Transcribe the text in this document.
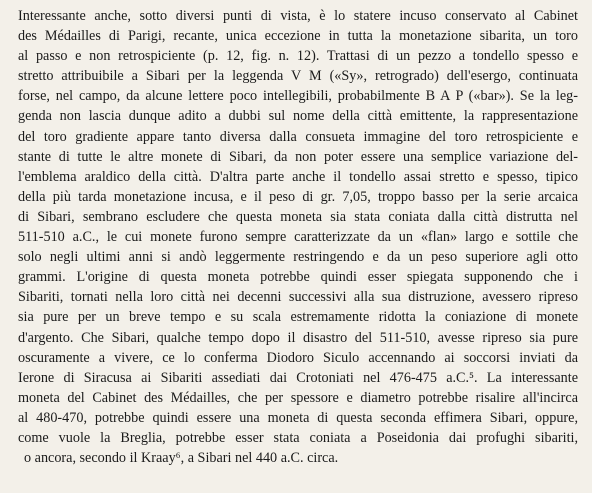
Interessante anche, sotto diversi punti di vista, è lo statere incuso conservato al Cabinet
des Médailles di Parigi, recante, unica eccezione in tutta la monetazione sibarita, un toro
al passo e non retrospiciente (p. 12, fig. n. 12). Trattasi di un pezzo a tondello spesso e
stretto attribuibile a Sibari per la leggenda V M («Sy», retrogrado) dell'esergo, continuata
forse, nel campo, da alcune lettere poco intellegibili, probabilmente B A P («bar»). Se la leg-
genda non lascia dunque adito a dubbi sul nome della città emittente, la rappresentazione
del toro gradiente appare tanto diversa dalla consueta immagine del toro retrospiciente e
stante di tutte le altre monete di Sibari, da non poter essere una semplice variazione del-
l'emblema araldico della città. D'altra parte anche il tondello assai stretto e spesso, tipico
della più tarda monetazione incusa, e il peso di gr. 7,05, troppo basso per la serie arcaica
di Sibari, sembrano escludere che questa moneta sia stata coniata dalla città distrutta nel
511-510 a.C., le cui monete furono sempre caratterizzate da un «flan» largo e sottile che
solo negli ultimi anni si andò leggermente restringendo e da un peso superiore agli otto
grammi. L'origine di questa moneta potrebbe quindi esser spiegata supponendo che i
Sibariti, tornati nella loro città nei decenni successivi alla sua distruzione, avessero ripreso
sia pure per un breve tempo e su scala estremamente ridotta la coniazione di monete
d'argento. Che Sibari, qualche tempo dopo il disastro del 511-510, avesse ripreso sia pure
oscuramente a vivere, ce lo conferma Diodoro Siculo accennando ai soccorsi inviati da
Ierone di Siracusa ai Sibariti assediati dai Crotoniati nel 476-475 a.C.⁵. La interessante
moneta del Cabinet des Médailles, che per spessore e diametro potrebbe risalire all'incirca
al 480-470, potrebbe quindi essere una moneta di questa seconda effimera Sibari, oppure,
come vuole la Breglia, potrebbe esser stata coniata a Poseidonia dai profughi sibariti,
o ancora, secondo il Kraay⁶, a Sibari nel 440 a.C. circa.
